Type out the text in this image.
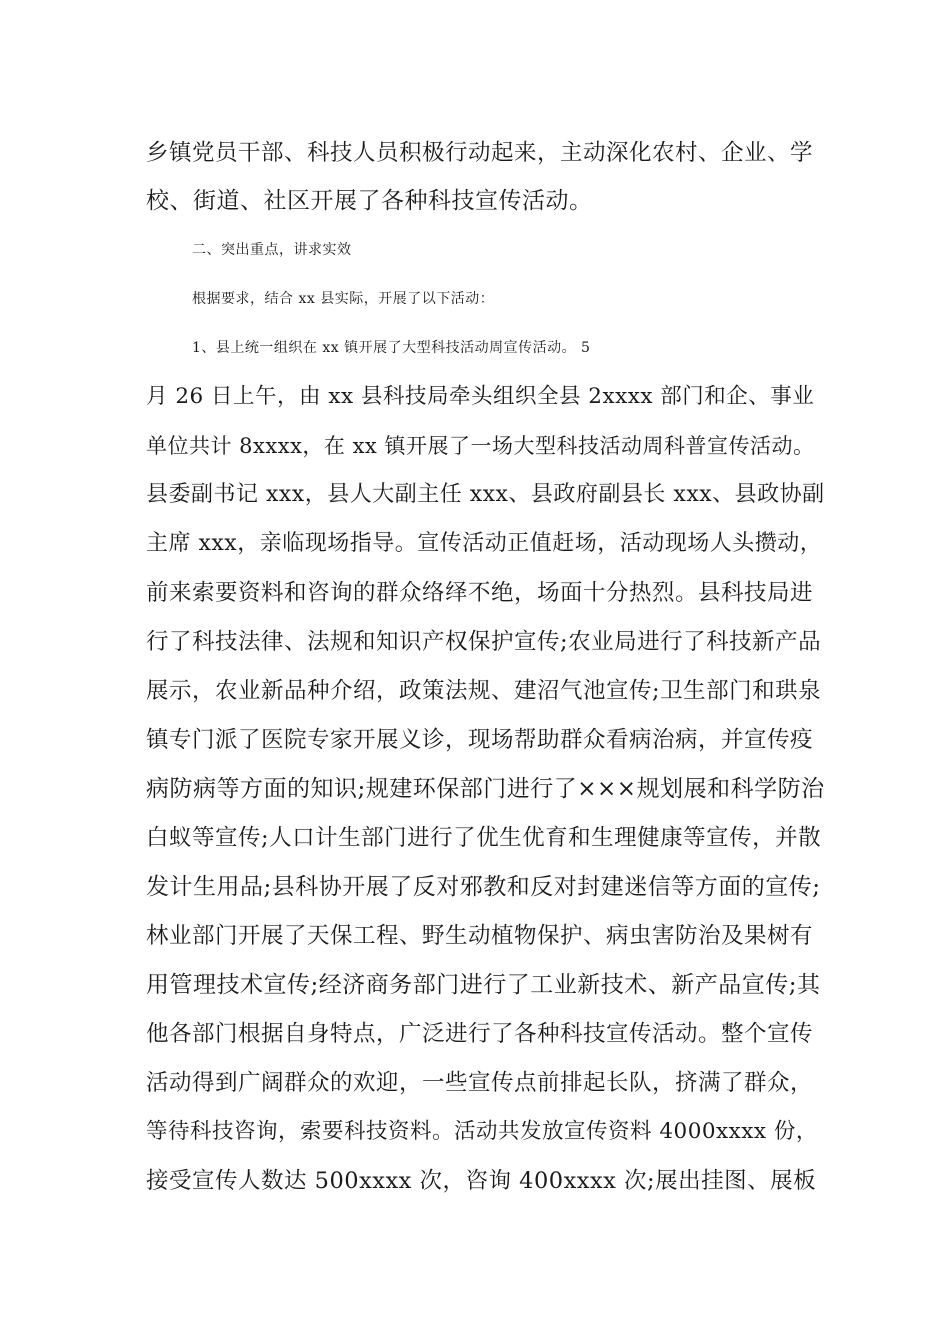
乡镇党员干部、科技人员积极行动起来，主动深化农村、企业、学
校、街道、社区开展了各种科技宣传活动。
二、突出重点，讲求实效
根据要求，结合 xx 县实际，开展了以下活动：
1、县上统一组织在 xx 镇开展了大型科技活动周宣传活动。 5
月 26 日上午，由 xx 县科技局牵头组织全县 2xxxx 部门和企、事业
单位共计 8xxxx，在 xx 镇开展了一场大型科技活动周科普宣传活动。
县委副书记 xxx，县人大副主任 xxx、县政府副县长 xxx、县政协副
主席 xxx，亲临现场指导。宣传活动正值赶场，活动现场人头攒动，
前来索要资料和咨询的群众络绎不绝，场面十分热烈。县科技局进
行了科技法律、法规和知识产权保护宣传;农业局进行了科技新产品
展示，农业新品种介绍，政策法规、建沼气池宣传;卫生部门和珙泉
镇专门派了医院专家开展义诊，现场帮助群众看病治病，并宣传疫
病防病等方面的知识;规建环保部门进行了×××规划展和科学防治
白蚁等宣传;人口计生部门进行了优生优育和生理健康等宣传，并散
发计生用品;县科协开展了反对邪教和反对封建迷信等方面的宣传;
林业部门开展了天保工程、野生动植物保护、病虫害防治及果树有
用管理技术宣传;经济商务部门进行了工业新技术、新产品宣传;其
他各部门根据自身特点，广泛进行了各种科技宣传活动。整个宣传
活动得到广阔群众的欢迎，一些宣传点前排起长队，挤满了群众，
等待科技咨询，索要科技资料。活动共发放宣传资料 4000xxxx 份，
接受宣传人数达 500xxxx 次，咨询 400xxxx 次;展出挂图、展板
